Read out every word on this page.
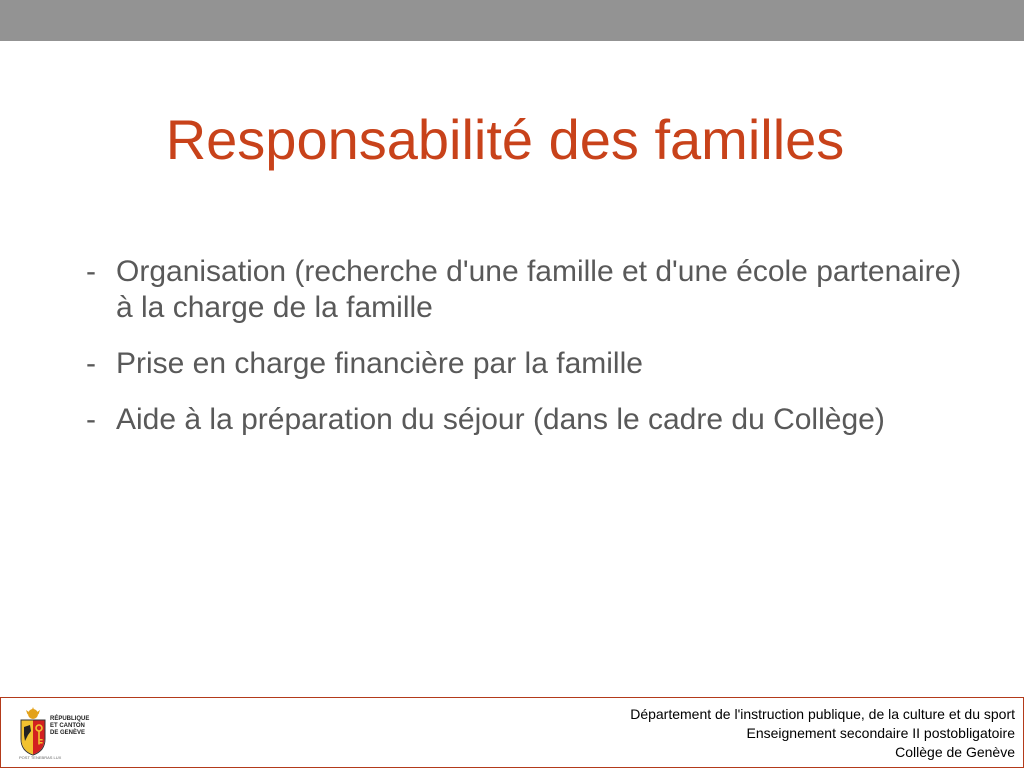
Responsabilité des familles
- Organisation (recherche d'une famille et d'une école partenaire) à la charge de la famille
- Prise en charge financière par la famille
- Aide à la préparation du séjour (dans le cadre du Collège)
RÉPUBLIQUE
ET CANTON
DE GENÈVE
POST TENEBRAS LUX
Département de l'instruction publique, de la culture et du sport
Enseignement secondaire II postobligatoire
Collège de Genève
